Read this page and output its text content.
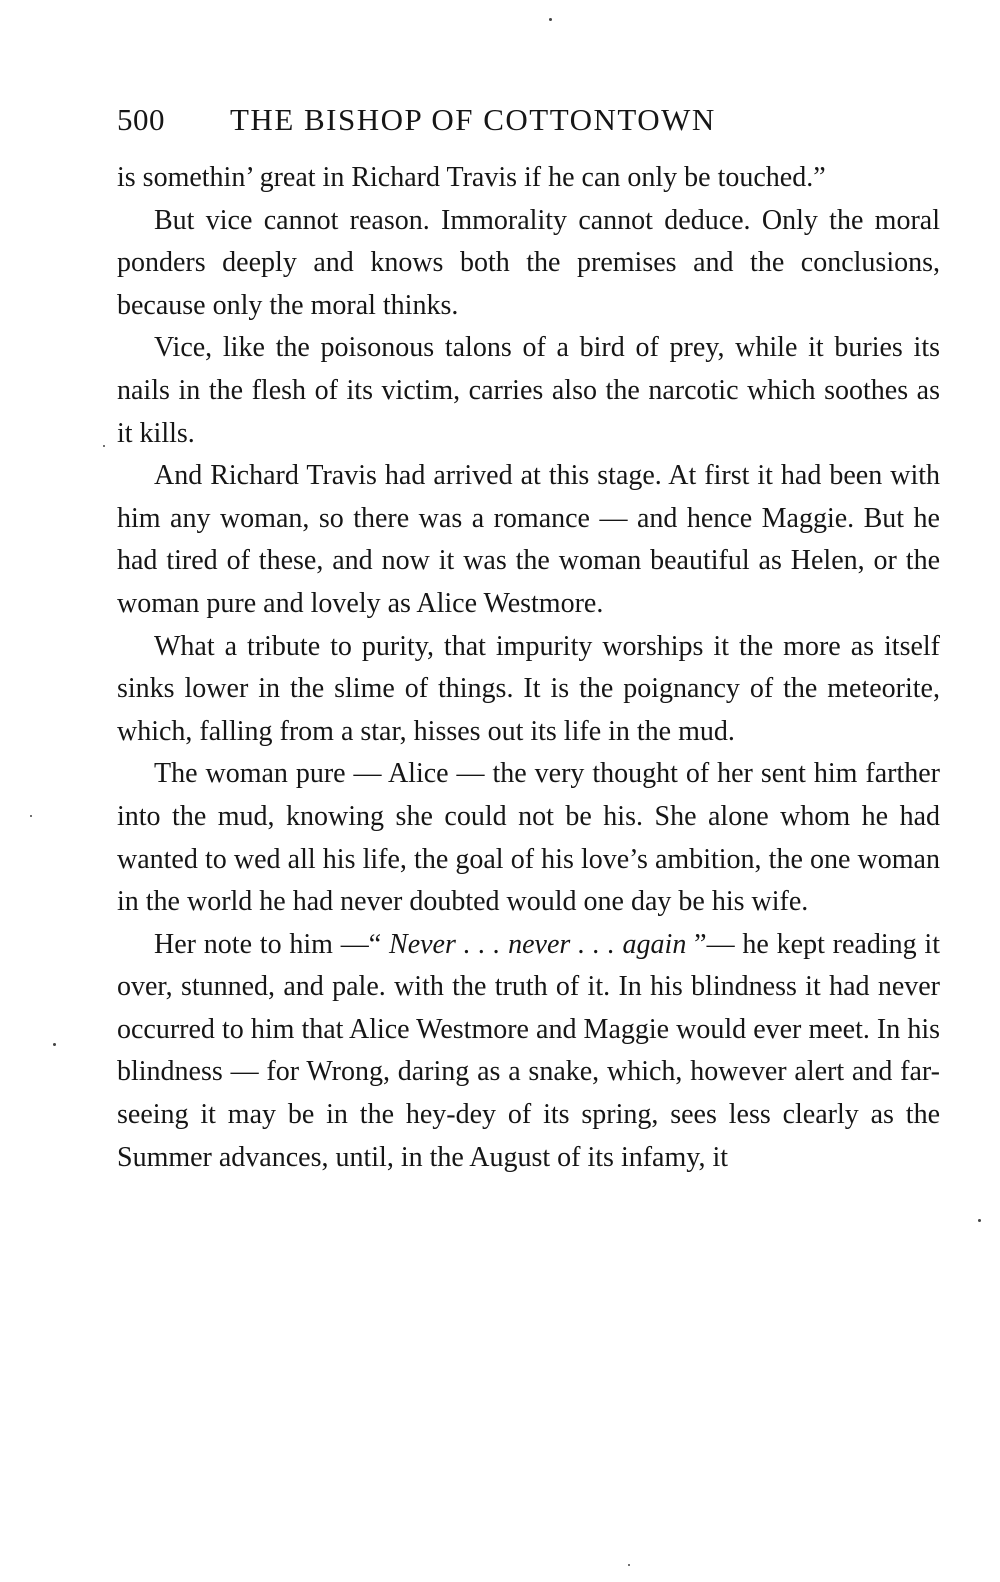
500	THE BISHOP OF COTTONTOWN

is somethin’ great in Richard Travis if he can only be touched.”

But vice cannot reason. Immorality cannot deduce. Only the moral ponders deeply and knows both the premises and the conclusions, because only the moral thinks.

Vice, like the poisonous talons of a bird of prey, while it buries its nails in the flesh of its victim, carries also the narcotic which soothes as it kills.

And Richard Travis had arrived at this stage. At first it had been with him any woman, so there was a romance — and hence Maggie. But he had tired of these, and now it was the woman beautiful as Helen, or the woman pure and lovely as Alice Westmore.

What a tribute to purity, that impurity worships it the more as itself sinks lower in the slime of things. It is the poignancy of the meteorite, which, falling from a star, hisses out its life in the mud.

The woman pure — Alice — the very thought of her sent him farther into the mud, knowing she could not be his. She alone whom he had wanted to wed all his life, the goal of his love’s ambition, the one woman in the world he had never doubted would one day be his wife.

Her note to him —“ Never . . . never . . . again ”— he kept reading it over, stunned, and pale. with the truth of it. In his blindness it had never occurred to him that Alice Westmore and Maggie would ever meet. In his blindness — for Wrong, daring as a snake, which, however alert and far-seeing it may be in the hey-dey of its spring, sees less clearly as the Summer advances, until, in the August of its infamy, it
